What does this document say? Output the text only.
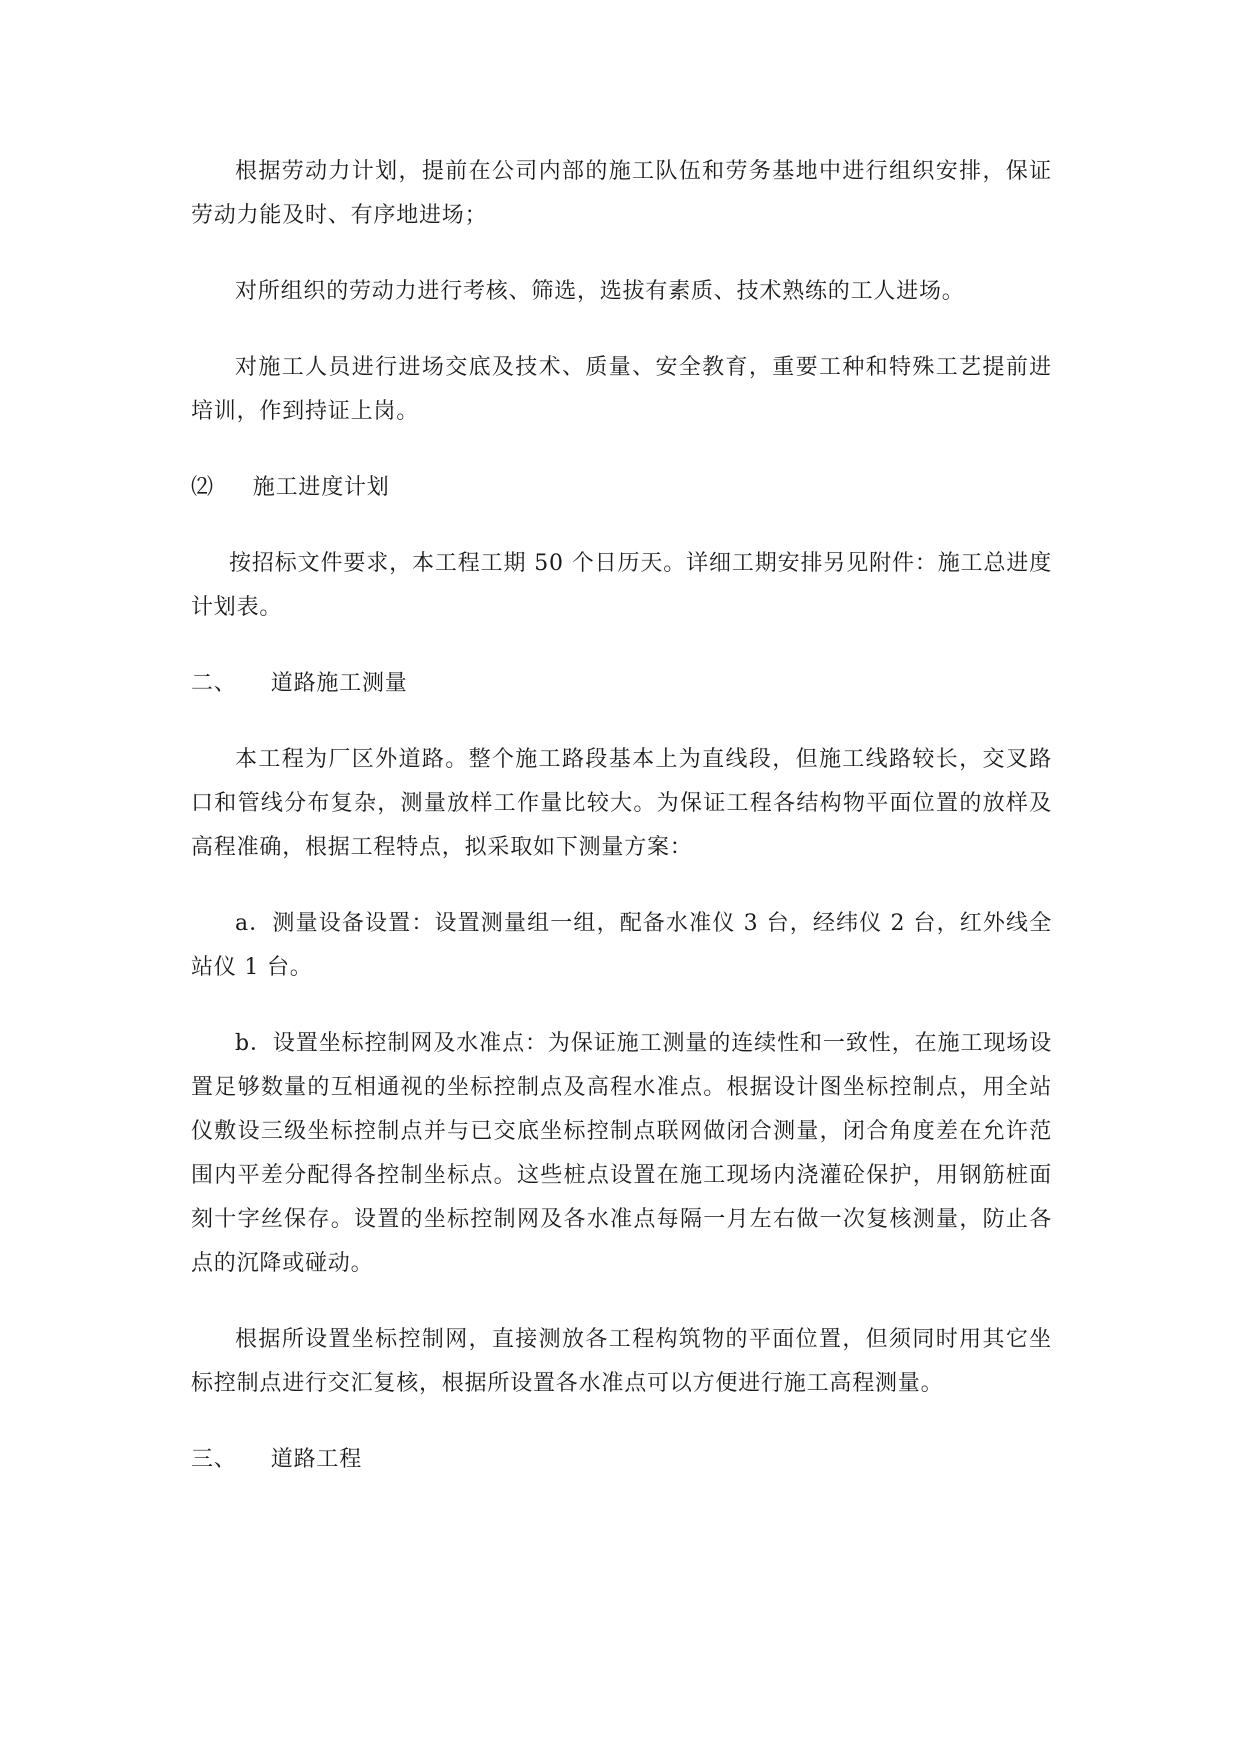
根据劳动力计划，提前在公司内部的施工队伍和劳务基地中进行组织安排，保证劳动力能及时、有序地进场；

对所组织的劳动力进行考核、筛选，选拔有素质、技术熟练的工人进场。

对施工人员进行进场交底及技术、质量、安全教育，重要工种和特殊工艺提前进培训，作到持证上岗。

⑵ 施工进度计划

按招标文件要求，本工程工期 50 个日历天。详细工期安排另见附件：施工总进度计划表。

二、 道路施工测量

本工程为厂区外道路。整个施工路段基本上为直线段，但施工线路较长，交叉路口和管线分布复杂，测量放样工作量比较大。为保证工程各结构物平面位置的放样及高程准确，根据工程特点，拟采取如下测量方案：

a．测量设备设置：设置测量组一组，配备水准仪 3 台，经纬仪 2 台，红外线全站仪 1 台。

b．设置坐标控制网及水准点：为保证施工测量的连续性和一致性，在施工现场设置足够数量的互相通视的坐标控制点及高程水准点。根据设计图坐标控制点，用全站仪敷设三级坐标控制点并与已交底坐标控制点联网做闭合测量，闭合角度差在允许范围内平差分配得各控制坐标点。这些桩点设置在施工现场内浇灌砼保护，用钢筋桩面刻十字丝保存。设置的坐标控制网及各水准点每隔一月左右做一次复核测量，防止各点的沉降或碰动。

根据所设置坐标控制网，直接测放各工程构筑物的平面位置，但须同时用其它坐标控制点进行交汇复核，根据所设置各水准点可以方便进行施工高程测量。

三、 道路工程
